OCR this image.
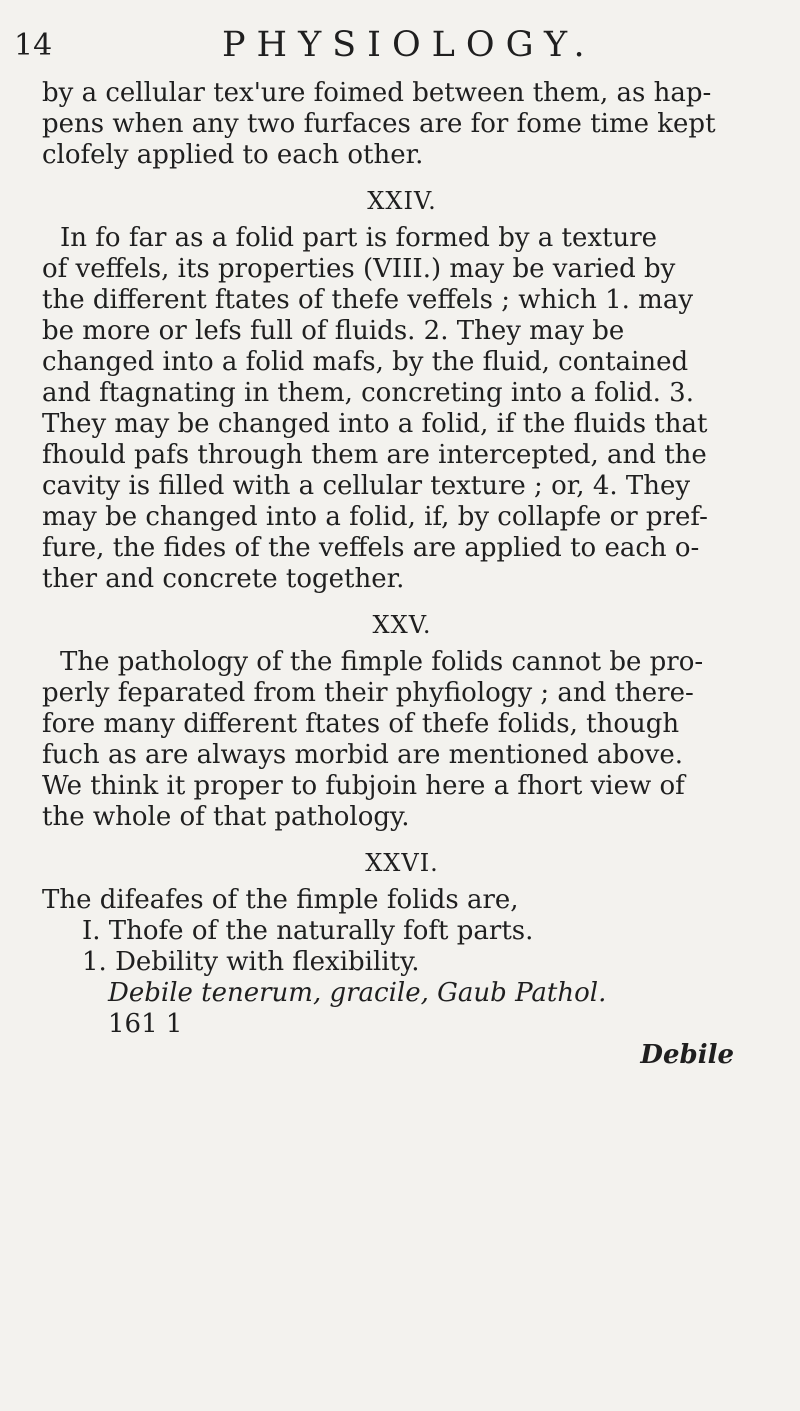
14	PHYSIOLOGY.
by a cellular tex'ure foimed between them, as hap-
pens when any two furfaces are for fome time kept
clofely applied to each other.
XXIV.
In fo far as a folid part is formed by a texture
of veffels, its properties (VIII.) may be varied by
the different ftates of thefe veffels ; which 1. may
be more or lefs full of fluids. 2. They may be
changed into a folid mafs, by the fluid, contained
and ftagnating in them, concreting into a folid. 3.
They may be changed into a folid, if the fluids that
fhould pafs through them are intercepted, and the
cavity is filled with a cellular texture ; or, 4. They
may be changed into a folid, if, by collapfe or pref-
fure, the fides of the veffels are applied to each o-
ther and concrete together.
XXV.
The pathology of the fimple folids cannot be pro-
perly feparated from their phyfiology ; and there-
fore many different ftates of thefe folids, though
fuch as are always morbid are mentioned above.
We think it proper to fubjoin here a fhort view of
the whole of that pathology.
XXVI.
The difeafes of the fimple folids are,
I. Thofe of the naturally foft parts.
1. Debility with flexibility.
Debile tenerum, gracile, Gaub Pathol.
161 1
Debile
